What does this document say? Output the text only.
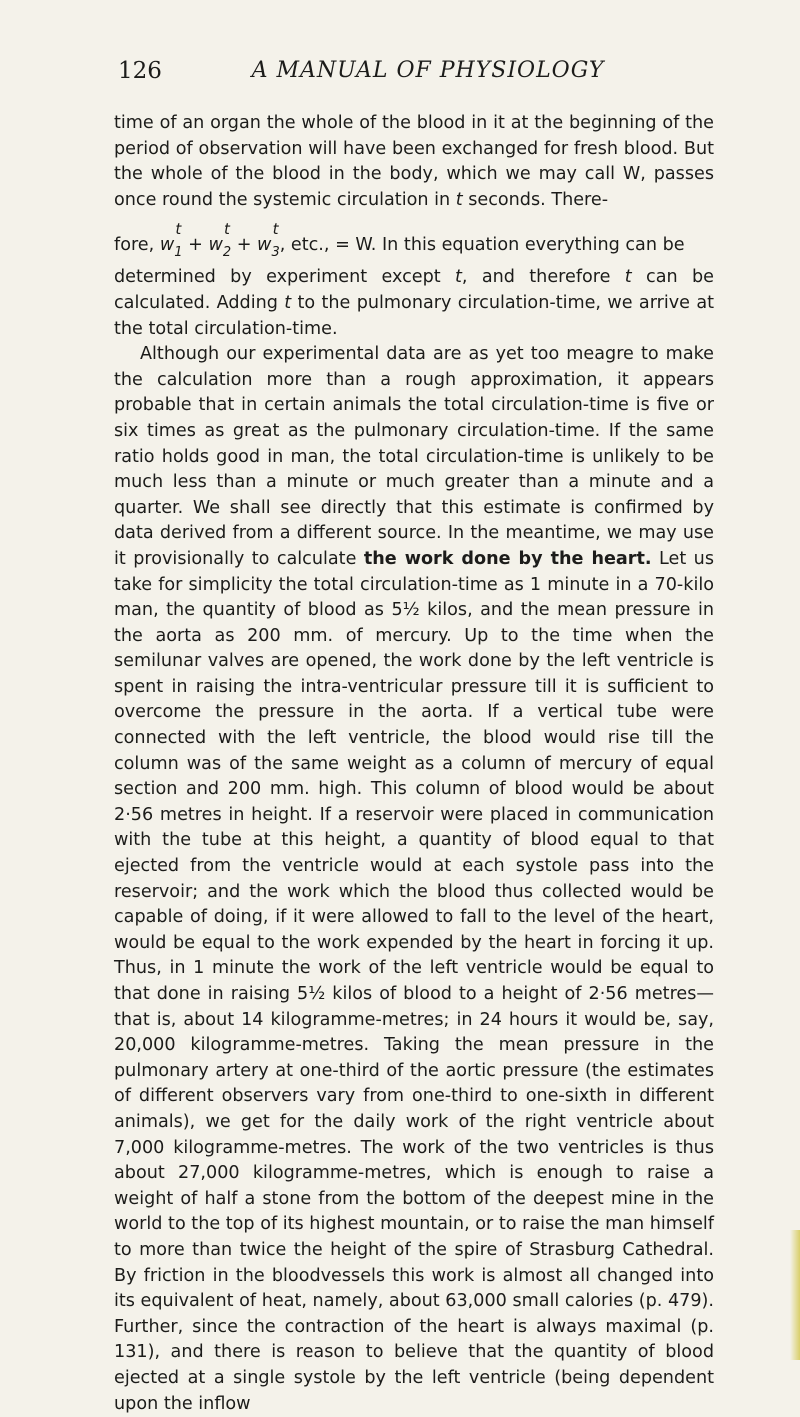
126	A MANUAL OF PHYSIOLOGY

time of an organ the whole of the blood in it at the beginning of the period of observation will have been exchanged for fresh blood. But the whole of the blood in the body, which we may call W, passes once round the systemic circulation in t seconds. There-

fore, w
t
1 + w
t
2 + w
t
3 , etc., = W. In this equation everything can be

determined by experiment except t, and therefore t can be calculated. Adding t to the pulmonary circulation-time, we arrive at the total circulation-time.

Although our experimental data are as yet too meagre to make the calculation more than a rough approximation, it appears probable that in certain animals the total circulation-time is five or six times as great as the pulmonary circulation-time. If the same ratio holds good in man, the total circulation-time is unlikely to be much less than a minute or much greater than a minute and a quarter. We shall see directly that this estimate is confirmed by data derived from a different source. In the meantime, we may use it provisionally to calculate the work done by the heart. Let us take for simplicity the total circulation-time as 1 minute in a 70-kilo man, the quantity of blood as 5½ kilos, and the mean pressure in the aorta as 200 mm. of mercury. Up to the time when the semilunar valves are opened, the work done by the left ventricle is spent in raising the intra-ventricular pressure till it is sufficient to overcome the pressure in the aorta. If a vertical tube were connected with the left ventricle, the blood would rise till the column was of the same weight as a column of mercury of equal section and 200 mm. high. This column of blood would be about 2·56 metres in height. If a reservoir were placed in communication with the tube at this height, a quantity of blood equal to that ejected from the ventricle would at each systole pass into the reservoir; and the work which the blood thus collected would be capable of doing, if it were allowed to fall to the level of the heart, would be equal to the work expended by the heart in forcing it up. Thus, in 1 minute the work of the left ventricle would be equal to that done in raising 5½ kilos of blood to a height of 2·56 metres—that is, about 14 kilogramme-metres; in 24 hours it would be, say, 20,000 kilogramme-metres. Taking the mean pressure in the pulmonary artery at one-third of the aortic pressure (the estimates of different observers vary from one-third to one-sixth in different animals), we get for the daily work of the right ventricle about 7,000 kilogramme-metres. The work of the two ventricles is thus about 27,000 kilogramme-metres, which is enough to raise a weight of half a stone from the bottom of the deepest mine in the world to the top of its highest mountain, or to raise the man himself to more than twice the height of the spire of Strasburg Cathedral. By friction in the bloodvessels this work is almost all changed into its equivalent of heat, namely, about 63,000 small calories (p. 479). Further, since the contraction of the heart is always maximal (p. 131), and there is reason to believe that the quantity of blood ejected at a single systole by the left ventricle (being dependent upon the inflow
